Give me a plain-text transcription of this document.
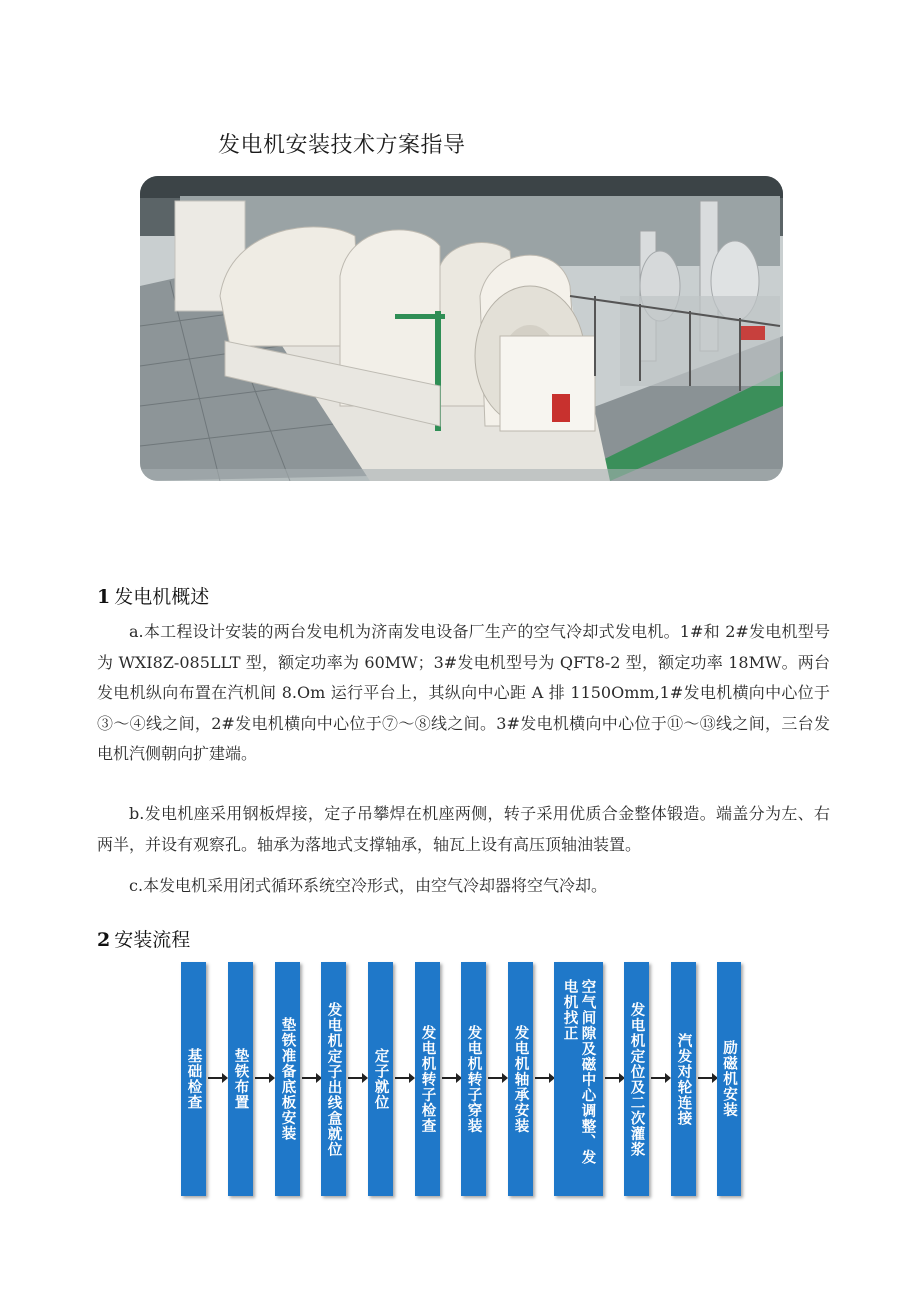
发电机安装技术方案指导
1 发电机概述

a.本工程设计安装的两台发电机为济南发电设备厂生产的空气冷却式发电机。1#和 2#发电机型号为 WXI8Z-085LLT 型，额定功率为 60MW；3#发电机型号为 QFT8-2 型，额定功率 18MW。两台发电机纵向布置在汽机间 8.Om 运行平台上，其纵向中心距 A 排 1150Omm,1#发电机横向中心位于③～④线之间，2#发电机横向中心位于⑦～⑧线之间。3#发电机横向中心位于⑪～⑬线之间，三台发电机汽侧朝向扩建端。

b.发电机座采用钢板焊接，定子吊攀焊在机座两侧，转子采用优质合金整体锻造。端盖分为左、右两半，并设有观察孔。轴承为落地式支撑轴承，轴瓦上设有高压顶轴油装置。

c.本发电机采用闭式循环系统空冷形式，由空气冷却器将空气冷却。

2 安装流程
基础检查 垫铁布置 垫铁准备底板安装 发电机定子出线盒就位 定子就位 发电机转子检查 发电机转子穿装 发电机轴承安装	空气间隙及磁中心调整、发电机找正	发电机定位及二次灌浆 汽发对轮连接 励磁机安装
